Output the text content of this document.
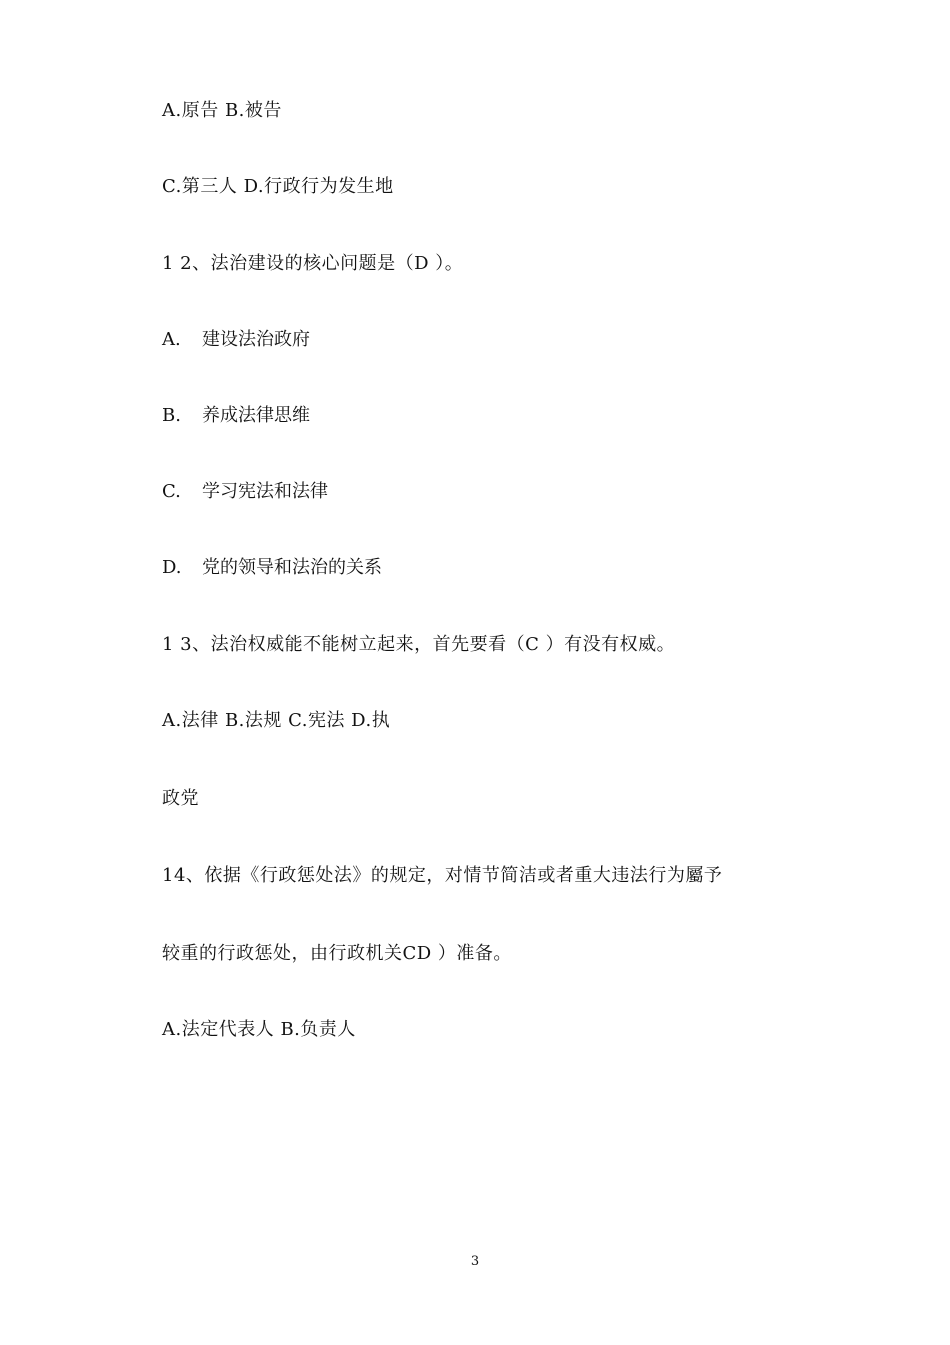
A.原告 B.被告
C.第三人 D.行政行为发生地
1 2、法治建设的核心问题是（D ）。
A. 建设法治政府
B. 养成法律思维
C. 学习宪法和法律
D. 党的领导和法治的关系
1 3、法治权威能不能树立起来，首先要看（C ）有没有权威。
A.法律 B.法规 C.宪法 D.执
政党
14、依据《行政惩处法》的规定，对情节简洁或者重大违法行为屬予
较重的行政惩处，由行政机关CD ）准备。
A.法定代表人 B.负责人
3
